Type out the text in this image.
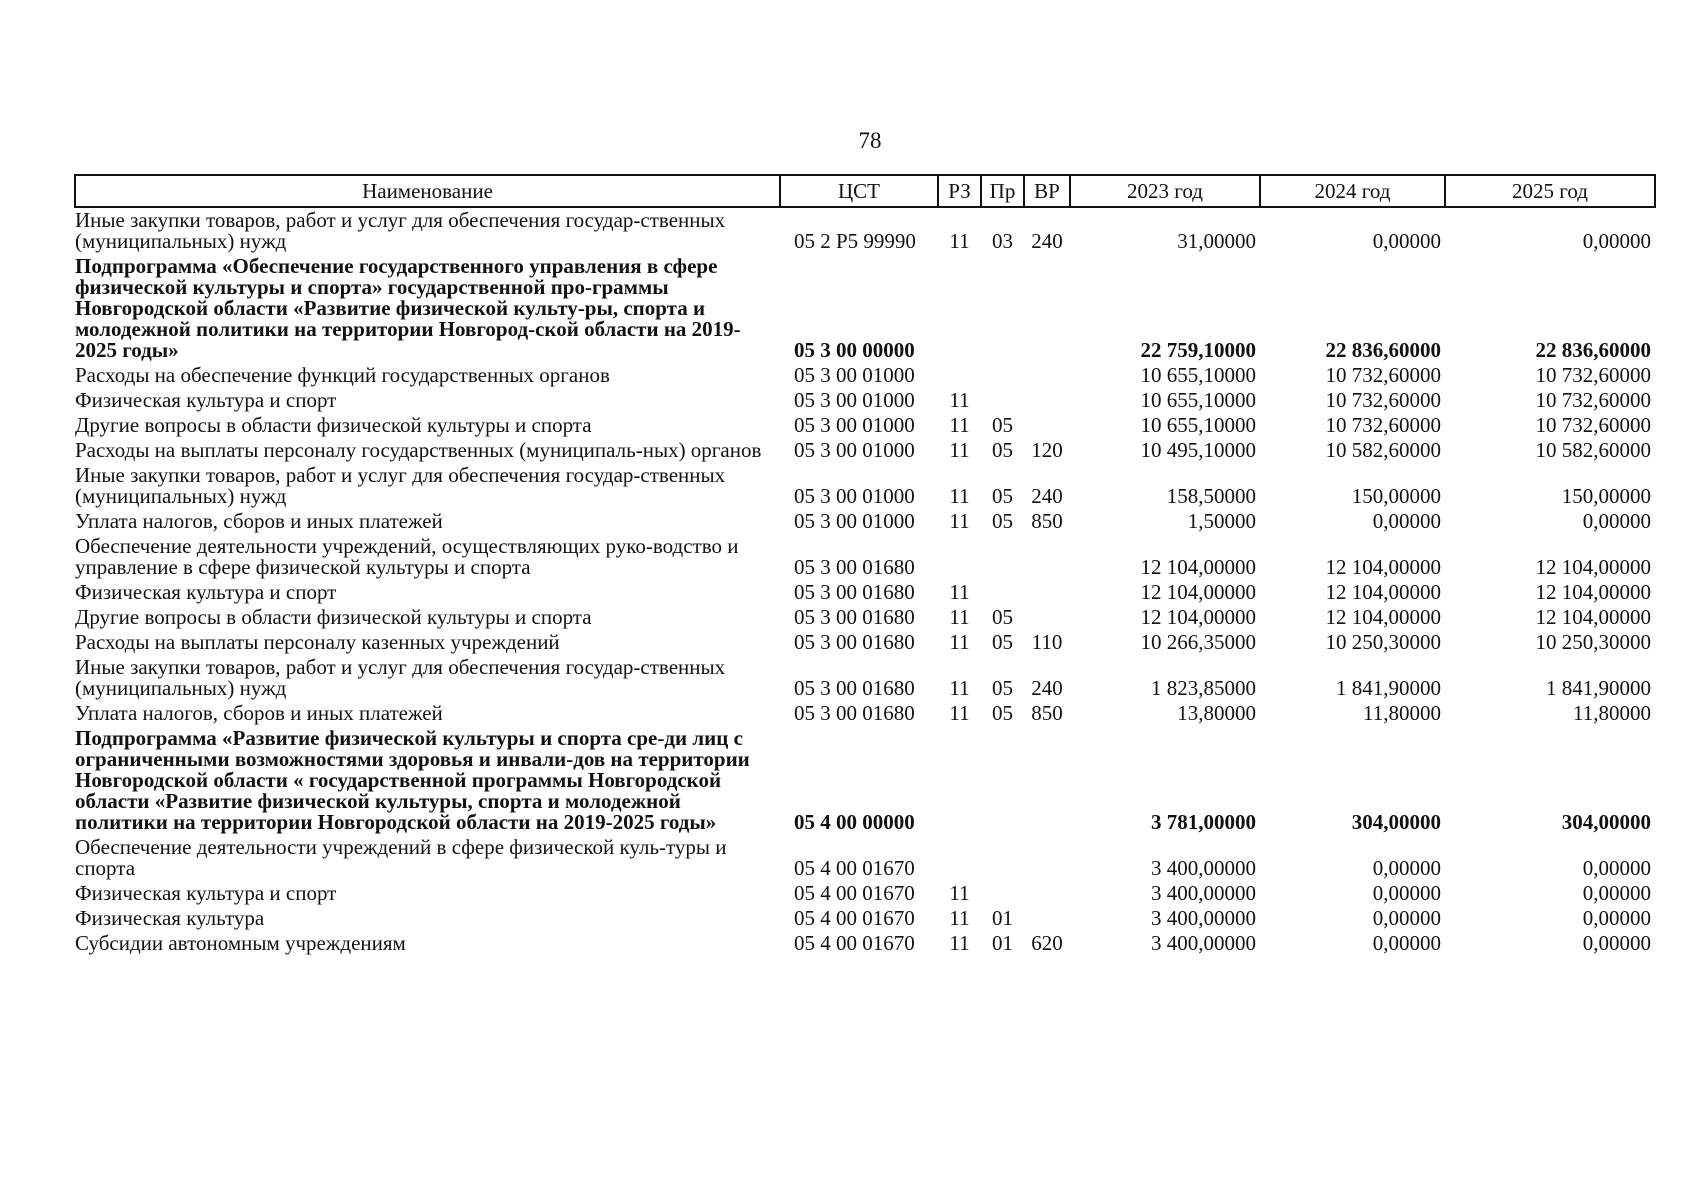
78
Наименование	ЦСТ	РЗ	Пр	ВР	2023 год	2024 год	2025 год
Иные закупки товаров, работ и услуг для обеспечения государ-ственных (муниципальных) нужд	05 2 P5 99990	11	03	240	31,00000	0,00000	0,00000
Подпрограмма «Обеспечение государственного управления в сфере физической культуры и спорта» государственной про-граммы Новгородской области «Развитие физической культу-ры, спорта и молодежной политики на территории Новгород-ской области на 2019-2025 годы»	05 3 00 00000				22 759,10000	22 836,60000	22 836,60000
Расходы на обеспечение функций государственных органов	05 3 00 01000				10 655,10000	10 732,60000	10 732,60000
Физическая культура и спорт	05 3 00 01000	11			10 655,10000	10 732,60000	10 732,60000
Другие вопросы в области физической культуры и спорта	05 3 00 01000	11	05		10 655,10000	10 732,60000	10 732,60000
Расходы на выплаты персоналу государственных (муниципаль-ных) органов	05 3 00 01000	11	05	120	10 495,10000	10 582,60000	10 582,60000
Иные закупки товаров, работ и услуг для обеспечения государ-ственных (муниципальных) нужд	05 3 00 01000	11	05	240	158,50000	150,00000	150,00000
Уплата налогов, сборов и иных платежей	05 3 00 01000	11	05	850	1,50000	0,00000	0,00000
Обеспечение деятельности учреждений, осуществляющих руко-водство и управление в сфере физической культуры и спорта	05 3 00 01680				12 104,00000	12 104,00000	12 104,00000
Физическая культура и спорт	05 3 00 01680	11			12 104,00000	12 104,00000	12 104,00000
Другие вопросы в области физической культуры и спорта	05 3 00 01680	11	05		12 104,00000	12 104,00000	12 104,00000
Расходы на выплаты персоналу казенных учреждений	05 3 00 01680	11	05	110	10 266,35000	10 250,30000	10 250,30000
Иные закупки товаров, работ и услуг для обеспечения государ-ственных (муниципальных) нужд	05 3 00 01680	11	05	240	1 823,85000	1 841,90000	1 841,90000
Уплата налогов, сборов и иных платежей	05 3 00 01680	11	05	850	13,80000	11,80000	11,80000
Подпрограмма «Развитие физической культуры и спорта сре-ди лиц с ограниченными возможностями здоровья и инвали-дов на территории Новгородской области « государственной программы Новгородской области «Развитие физической культуры, спорта и молодежной политики на территории Новгородской области на 2019-2025 годы»	05 4 00 00000				3 781,00000	304,00000	304,00000
Обеспечение деятельности учреждений в сфере физической куль-туры и спорта	05 4 00 01670				3 400,00000	0,00000	0,00000
Физическая культура и спорт	05 4 00 01670	11			3 400,00000	0,00000	0,00000
Физическая культура	05 4 00 01670	11	01		3 400,00000	0,00000	0,00000
Субсидии автономным учреждениям	05 4 00 01670	11	01	620	3 400,00000	0,00000	0,00000
